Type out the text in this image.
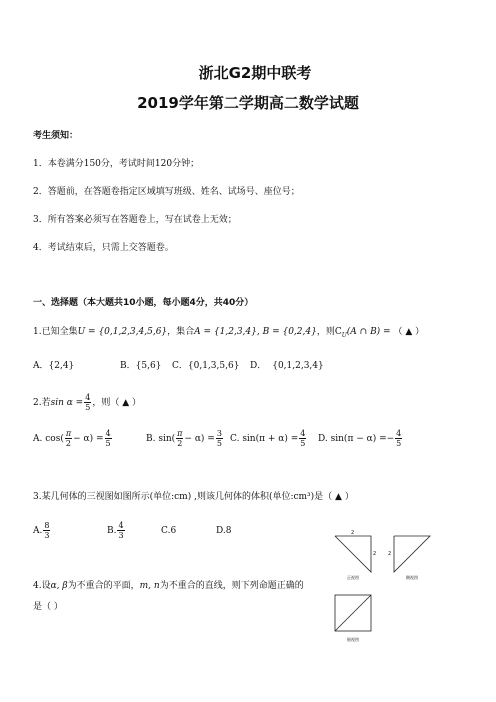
浙北G2期中联考
2019学年第二学期高二数学试题
考生须知：
1．本卷满分150分，考试时间120分钟；
2．答题前，在答题卷指定区域填写班级、姓名、试场号、座位号；
3．所有答案必须写在答题卷上，写在试卷上无效；
4．考试结束后，只需上交答题卷。
一、选择题（本大题共10小题，每小题4分，共40分）
1.已知全集U = {0,1,2,3,4,5,6}，集合A = {1,2,3,4}, B = {0,2,4}，则$C_U(A$ ∩ B) = （ ▲ ）
A．{2,4}	B．{5,6} C．{0,1,3,5,6} D． {0,1,2,3,4}
2.若$\sin \alpha = \frac{4}{5}$ ，则（ ▲ ）
A. $\cos( \frac{\pi}{2} - \alpha) = \frac{4}{5}$	B. $\sin( \frac{\pi}{2} - \alpha) = \frac{3}{5} C$. $\sin(\pi + \alpha) = \frac{4}{5} D$. $\sin(\pi - \alpha) =- \frac{4}{5}$
3.某几何体的三视图如图所示(单位:cm) ,则该几何体的体积(单位:cm³)是（ ▲ ）
A. $\frac{8}{3}$	B. $\frac{4}{3}$	C.6	D.8	2
2 2
正视图	侧视图
俯视图
4.设α, β为不重合的平面，m, n为不重合的直线，则下列命题正确的
是（ ）
